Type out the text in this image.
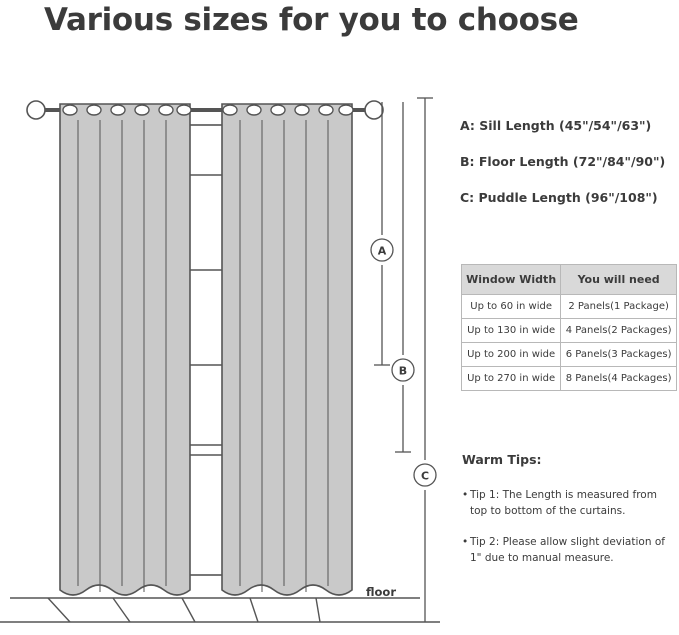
Various sizes for you to choose
A
B
C
floor
A: Sill Length (45"/54"/63")
B: Floor Length (72"/84"/90")
C: Puddle Length (96"/108")
Window Width	You will need
Up to 60 in wide	2 Panels(1 Package)
Up to 130 in wide	4 Panels(2 Packages)
Up to 200 in wide	6 Panels(3 Packages)
Up to 270 in wide	8 Panels(4 Packages)
Warm Tips:
• Tip 1: The Length is measured from top to bottom of the curtains.
• Tip 2: Please allow slight deviation of 1" due to manual measure.
